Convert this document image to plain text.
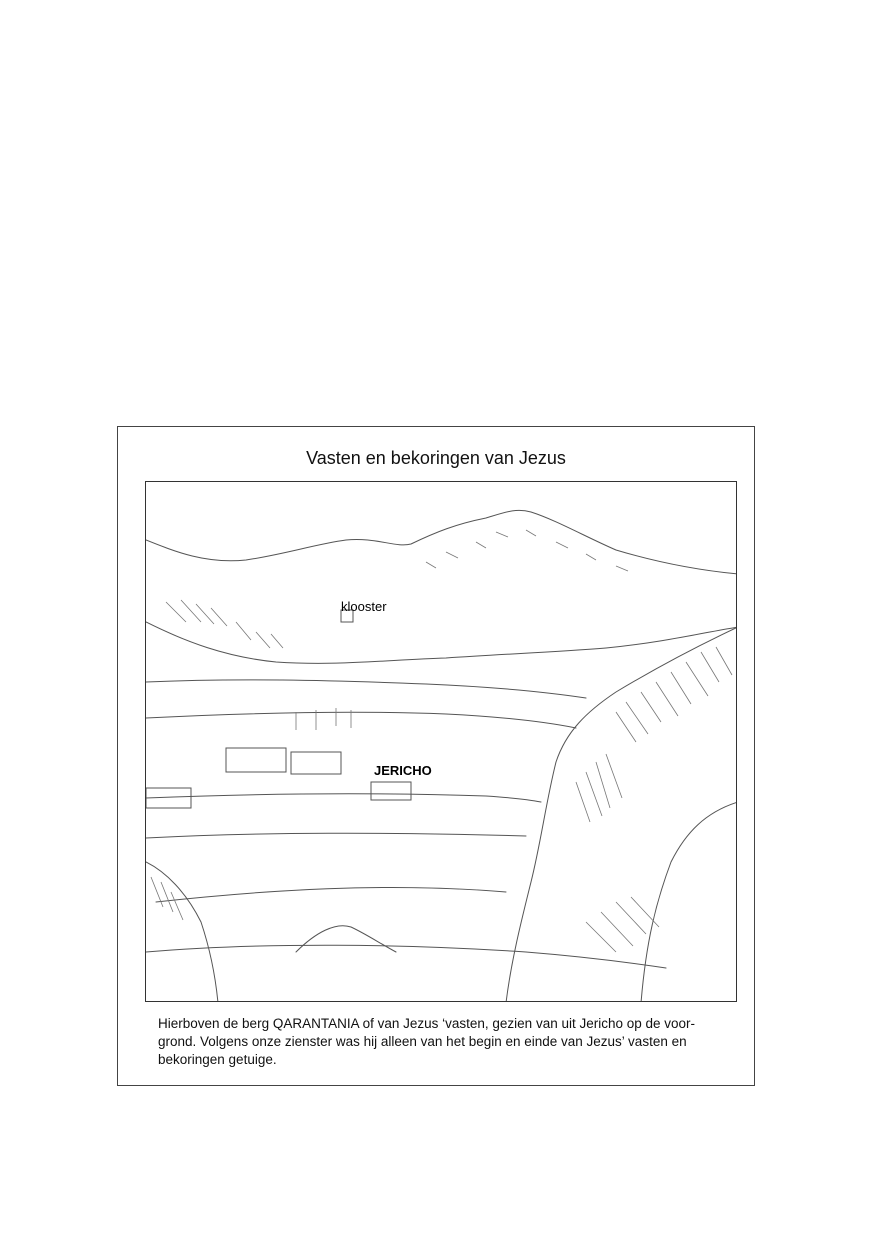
Vasten en bekoringen van Jezus
klooster
JERICHO
Hierboven de berg QARANTANIA of van Jezus ‘vasten, gezien van uit Jericho op de voor-grond. Volgens onze zienster was hij alleen van het begin en einde van Jezus’ vasten en bekoringen getuige.
